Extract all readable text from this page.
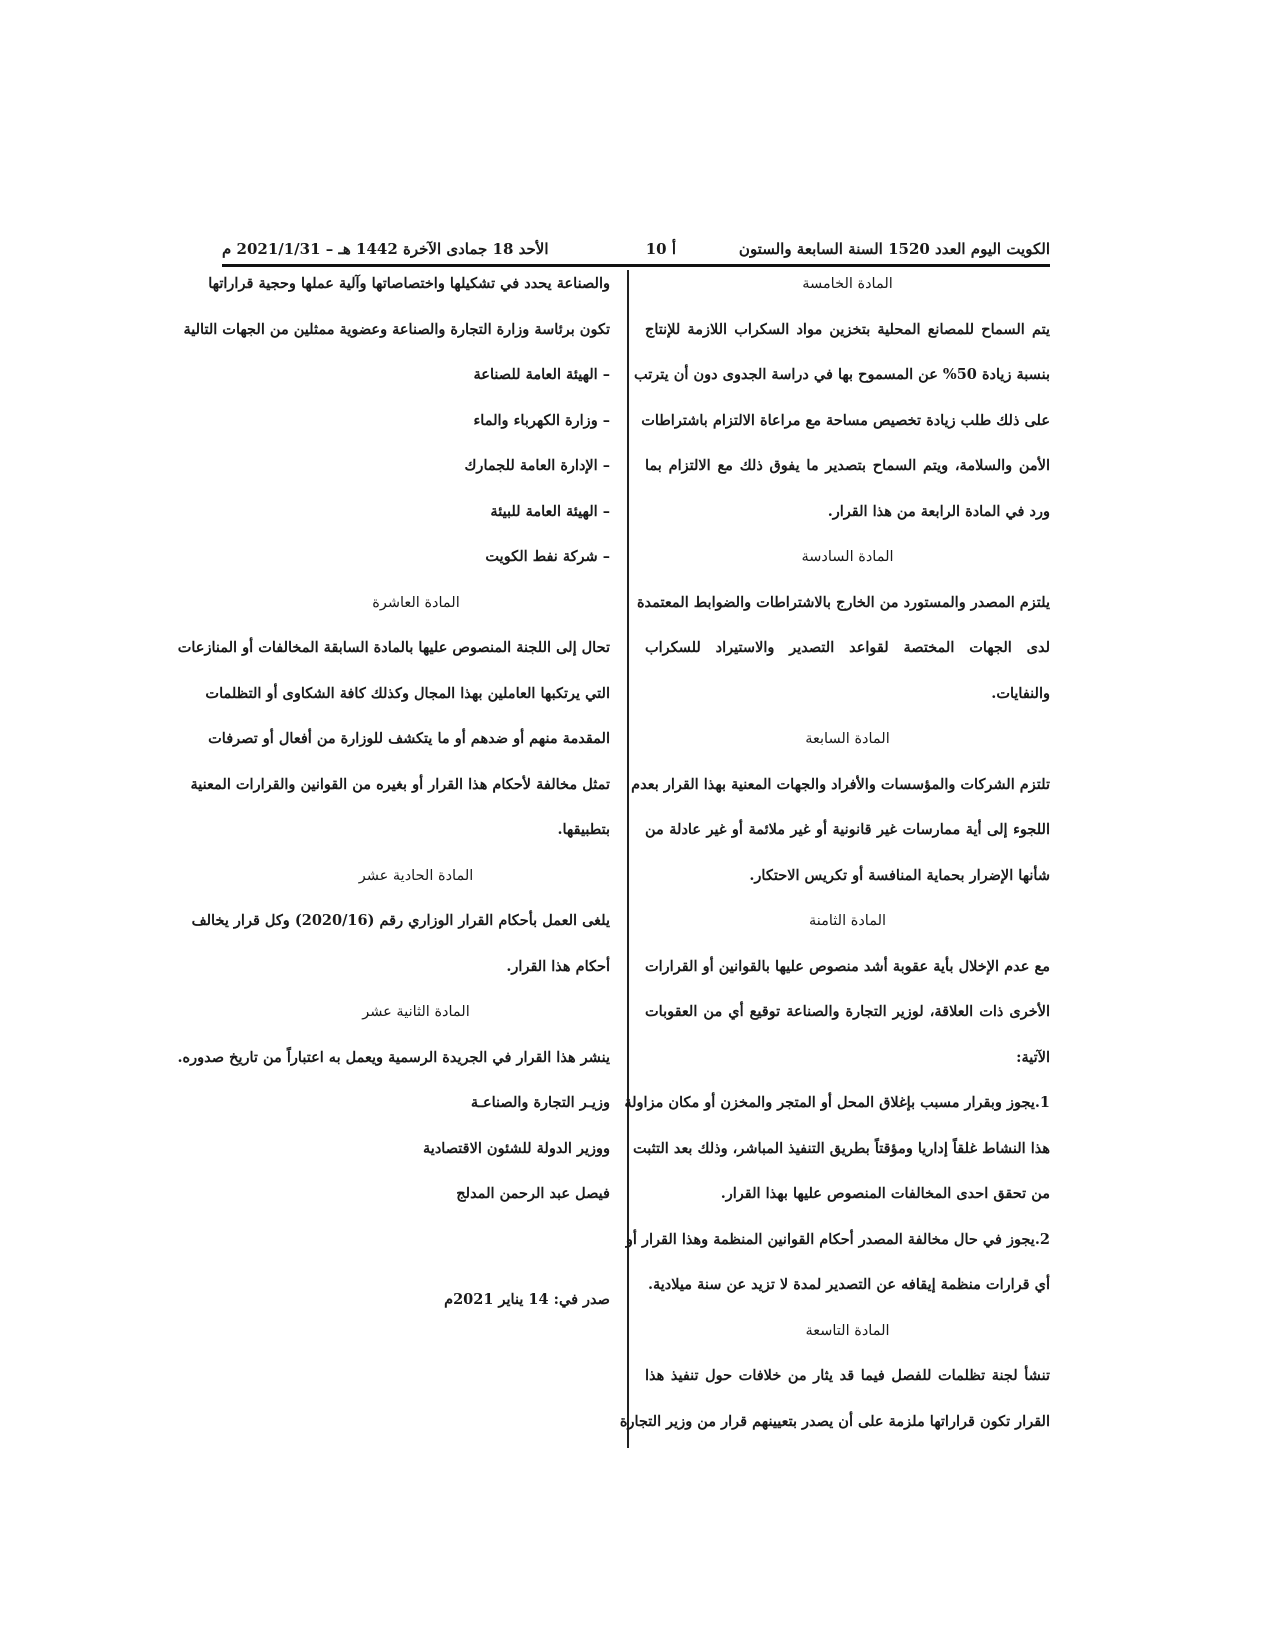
الكويت اليوم العدد 1520 السنة السابعة والستون
أ 10
الأحد 18 جمادى الآخرة 1442 هـ – 2021/1/31 م
المادة الخامسة
يتم السماح للمصانع المحلية بتخزين مواد السكراب اللازمة للإنتاج
بنسبة زيادة 50% عن المسموح بها في دراسة الجدوى دون أن يترتب
على ذلك طلب زيادة تخصيص مساحة مع مراعاة الالتزام باشتراطات
الأمن والسلامة، ويتم السماح بتصدير ما يفوق ذلك مع الالتزام بما
ورد في المادة الرابعة من هذا القرار.
المادة السادسة
يلتزم المصدر والمستورد من الخارج بالاشتراطات والضوابط المعتمدة
لدى الجهات المختصة لقواعد التصدير والاستيراد للسكراب
والنفايات.
المادة السابعة
تلتزم الشركات والمؤسسات والأفراد والجهات المعنية بهذا القرار بعدم
اللجوء إلى أية ممارسات غير قانونية أو غير ملائمة أو غير عادلة من
شأنها الإضرار بحماية المنافسة أو تكريس الاحتكار.
المادة الثامنة
مع عدم الإخلال بأية عقوبة أشد منصوص عليها بالقوانين أو القرارات
الأخرى ذات العلاقة، لوزير التجارة والصناعة توقيع أي من العقوبات
الآتية:
1.يجوز وبقرار مسبب بإغلاق المحل أو المتجر والمخزن أو مكان مزاولة
هذا النشاط غلقاً إداريا ومؤقتاً بطريق التنفيذ المباشر، وذلك بعد التثبت
من تحقق احدى المخالفات المنصوص عليها بهذا القرار.
2.يجوز في حال مخالفة المصدر أحكام القوانين المنظمة وهذا القرار أو
أي قرارات منظمة إيقافه عن التصدير لمدة لا تزيد عن سنة ميلادية.
المادة التاسعة
تنشأ لجنة تظلمات للفصل فيما قد يثار من خلافات حول تنفيذ هذا
القرار تكون قراراتها ملزمة على أن يصدر بتعيينهم قرار من وزير التجارة
والصناعة يحدد في تشكيلها واختصاصاتها وآلية عملها وحجية قراراتها
تكون برئاسة وزارة التجارة والصناعة وعضوية ممثلين من الجهات التالية
– الهيئة العامة للصناعة
– وزارة الكهرباء والماء
– الإدارة العامة للجمارك
– الهيئة العامة للبيئة
– شركة نفط الكويت
المادة العاشرة
تحال إلى اللجنة المنصوص عليها بالمادة السابقة المخالفات أو المنازعات
التي يرتكبها العاملين بهذا المجال وكذلك كافة الشكاوى أو التظلمات
المقدمة منهم أو ضدهم أو ما يتكشف للوزارة من أفعال أو تصرفات
تمثل مخالفة لأحكام هذا القرار أو بغيره من القوانين والقرارات المعنية
بتطبيقها.
المادة الحادية عشر
يلغى العمل بأحكام القرار الوزاري رقم (2020/16) وكل قرار يخالف
أحكام هذا القرار.
المادة الثانية عشر
ينشر هذا القرار في الجريدة الرسمية ويعمل به اعتباراً من تاريخ صدوره.
وزيـر التجارة والصناعـة
ووزير الدولة للشئون الاقتصادية
فيصل عبد الرحمن المدلج
صدر في: 14 يناير 2021م
